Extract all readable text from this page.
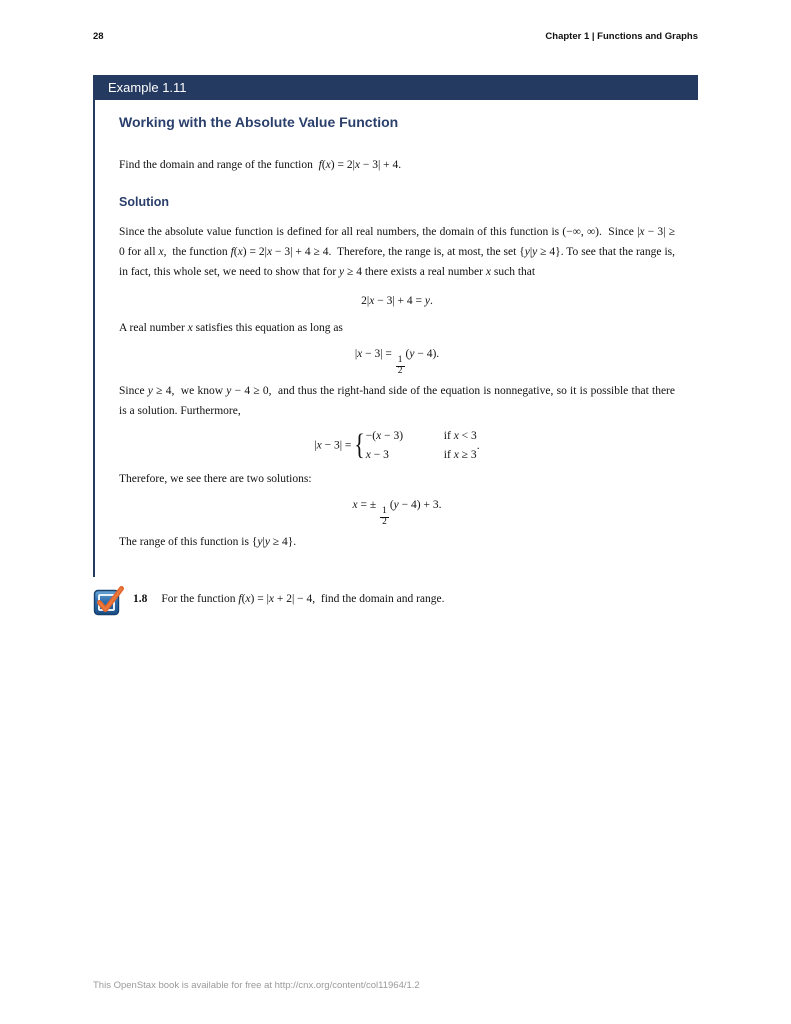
28	Chapter 1 | Functions and Graphs
Example 1.11
Working with the Absolute Value Function

Find the domain and range of the function  f(x) = 2|x − 3| + 4.

Solution

Since the absolute value function is defined for all real numbers, the domain of this function is (−∞, ∞).  Since |x − 3| ≥ 0 for all x,  the function f(x) = 2|x − 3| + 4 ≥ 4.  Therefore, the range is, at most, the set {y|y ≥ 4}. To see that the range is, in fact, this whole set, we need to show that for y ≥ 4 there exists a real number x such that

2|x − 3| + 4 = y.

A real number x satisfies this equation as long as

|x − 3| =
$\frac{1}{2}$
(y − 4).

Since y ≥ 4,  we know y − 4 ≥ 0,  and thus the right-hand side of the equation is nonnegative, so it is possible that there is a solution. Furthermore,

|x − 3| = { −(x − 3)	if x < 3
x − 3	if x ≥ 3
.

Therefore, we see there are two solutions:

x = ±
$\frac{1}{2}$
(y − 4) + 3.

The range of this function is {y|y ≥ 4}.

1.8 For the function f(x) = |x + 2| − 4,  find the domain and range.
This OpenStax book is available for free at http://cnx.org/content/col11964/1.2
